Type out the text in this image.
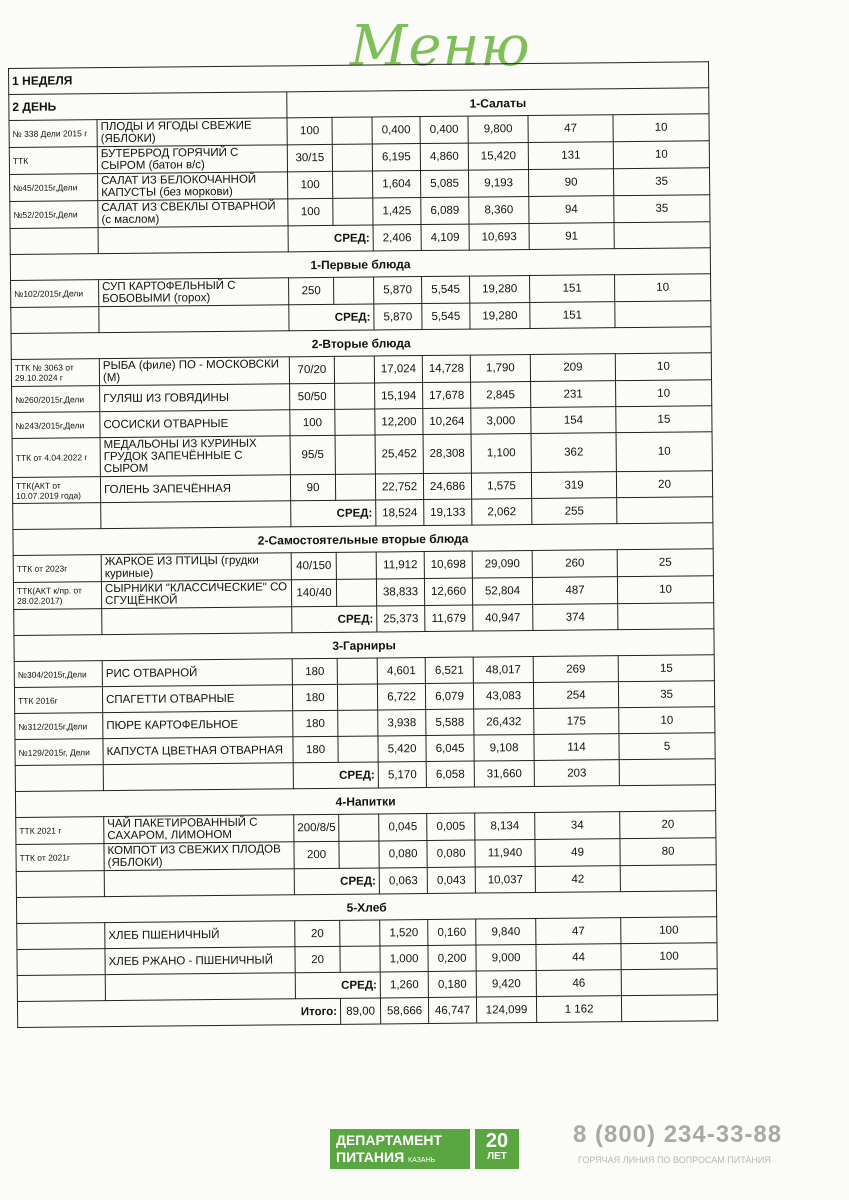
Меню
1 НЕДЕЛЯ								
2 ДЕНЬ		1-Салаты						
№ 338 Дели 2015 г	ПЛОДЫ И ЯГОДЫ СВЕЖИЕ (ЯБЛОКИ)	100		0,400	0,400	9,800	47	10
ТТК	БУТЕРБРОД ГОРЯЧИЙ С СЫРОМ (батон в/с)	30/15		6,195	4,860	15,420	131	10
№45/2015г,Дели	САЛАТ ИЗ БЕЛОКОЧАННОЙ КАПУСТЫ (без моркови)	100		1,604	5,085	9,193	90	35
№52/2015г,Дели	САЛАТ ИЗ СВЕКЛЫ ОТВАРНОЙ (с маслом)	100		1,425	6,089	8,360	94	35
		СРЕД:		2,406	4,109	10,693	91	
1-Первые блюда								
№102/2015г,Дели	СУП КАРТОФЕЛЬНЫЙ С БОБОВЫМИ (горох)	250		5,870	5,545	19,280	151	10
		СРЕД:		5,870	5,545	19,280	151	
2-Вторые блюда								
ТТК № 3063 от 29.10.2024 г	РЫБА (филе) ПО - МОСКОВСКИ (М)	70/20		17,024	14,728	1,790	209	10
№260/2015г,Дели	ГУЛЯШ ИЗ ГОВЯДИНЫ	50/50		15,194	17,678	2,845	231	10
№243/2015г,Дели	СОСИСКИ ОТВАРНЫЕ	100		12,200	10,264	3,000	154	15
ТТК от 4.04.2022 г	МЕДАЛЬОНЫ ИЗ КУРИНЫХ ГРУДОК ЗАПЕЧЁННЫЕ С СЫРОМ	95/5		25,452	28,308	1,100	362	10
ТТК(АКТ от 10.07.2019 года)	ГОЛЕНЬ ЗАПЕЧЁННАЯ	90		22,752	24,686	1,575	319	20
		СРЕД:		18,524	19,133	2,062	255	
2-Самостоятельные вторые блюда								
ТТК от 2023г	ЖАРКОЕ ИЗ ПТИЦЫ (грудки куриные)	40/150		11,912	10,698	29,090	260	25
ТТК(АКТ к/пр. от 28.02.2017)	СЫРНИКИ "КЛАССИЧЕСКИЕ" СО СГУЩЁНКОЙ	140/40		38,833	12,660	52,804	487	10
		СРЕД:		25,373	11,679	40,947	374	
3-Гарниры								
№304/2015г,Дели	РИС ОТВАРНОЙ	180		4,601	6,521	48,017	269	15
ТТК 2016г	СПАГЕТТИ ОТВАРНЫЕ	180		6,722	6,079	43,083	254	35
№312/2015г,Дели	ПЮРЕ КАРТОФЕЛЬНОЕ	180		3,938	5,588	26,432	175	10
№129/2015г, Дели	КАПУСТА ЦВЕТНАЯ ОТВАРНАЯ	180		5,420	6,045	9,108	114	5
		СРЕД:		5,170	6,058	31,660	203	
4-Напитки								
ТТК 2021 г	ЧАЙ ПАКЕТИРОВАННЫЙ С САХАРОМ, ЛИМОНОМ	200/8/5		0,045	0,005	8,134	34	20
ТТК от 2021г	КОМПОТ ИЗ СВЕЖИХ ПЛОДОВ (ЯБЛОКИ)	200		0,080	0,080	11,940	49	80
		СРЕД:		0,063	0,043	10,037	42	
5-Хлеб								
	ХЛЕБ ПШЕНИЧНЫЙ	20		1,520	0,160	9,840	47	100
	ХЛЕБ РЖАНО - ПШЕНИЧНЫЙ	20		1,000	0,200	9,000	44	100
		СРЕД:		1,260	0,180	9,420	46	
Итого:			89,00	58,666	46,747	124,099	1 162	
ДЕПАРТАМЕНТ
ПИТАНИЯ КАЗАНЬ
20
ЛЕТ
8 (800) 234-33-88
ГОРЯЧАЯ ЛИНИЯ ПО ВОПРОСАМ ПИТАНИЯ
